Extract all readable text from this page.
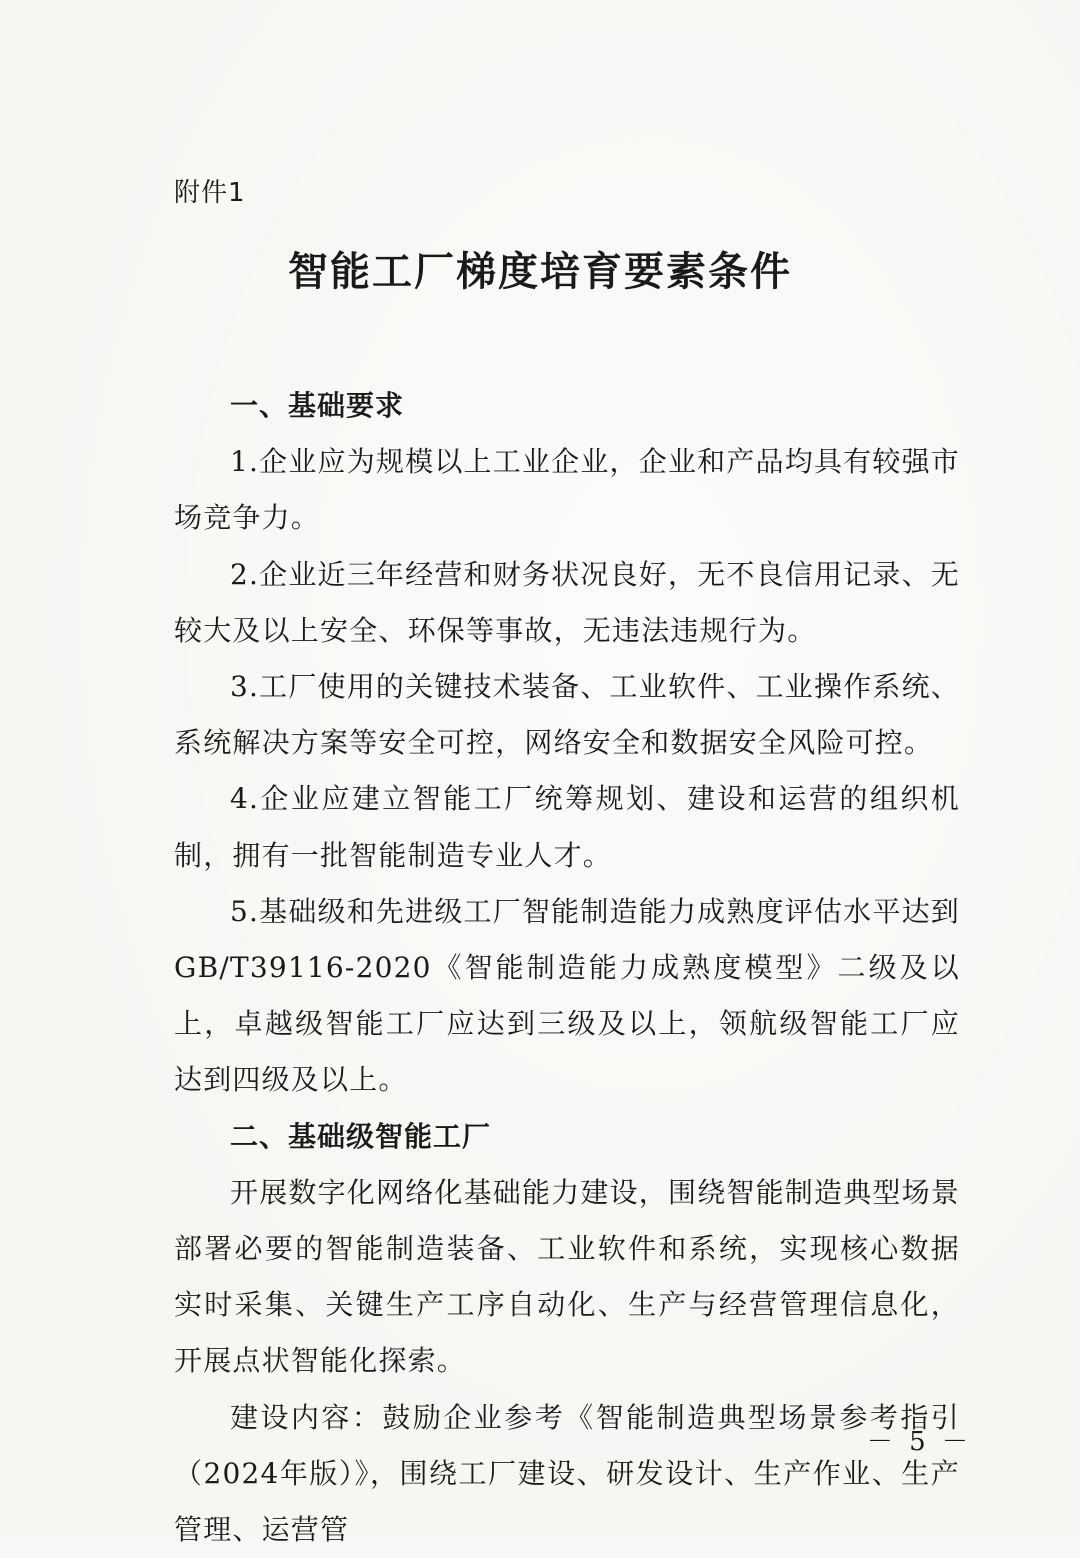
附件1
智能工厂梯度培育要素条件

一、基础要求

1.企业应为规模以上工业企业，企业和产品均具有较强市场竞争力。

2.企业近三年经营和财务状况良好，无不良信用记录、无较大及以上安全、环保等事故，无违法违规行为。

3.工厂使用的关键技术装备、工业软件、工业操作系统、系统解决方案等安全可控，网络安全和数据安全风险可控。

4.企业应建立智能工厂统筹规划、建设和运营的组织机制，拥有一批智能制造专业人才。

5.基础级和先进级工厂智能制造能力成熟度评估水平达到GB/T39116-2020《智能制造能力成熟度模型》二级及以上，卓越级智能工厂应达到三级及以上，领航级智能工厂应达到四级及以上。

二、基础级智能工厂

开展数字化网络化基础能力建设，围绕智能制造典型场景部署必要的智能制造装备、工业软件和系统，实现核心数据实时采集、关键生产工序自动化、生产与经营管理信息化，开展点状智能化探索。

建设内容：鼓励企业参考《智能制造典型场景参考指引（2024年版）》，围绕工厂建设、研发设计、生产作业、生产管理、运营管

－ 5 －
